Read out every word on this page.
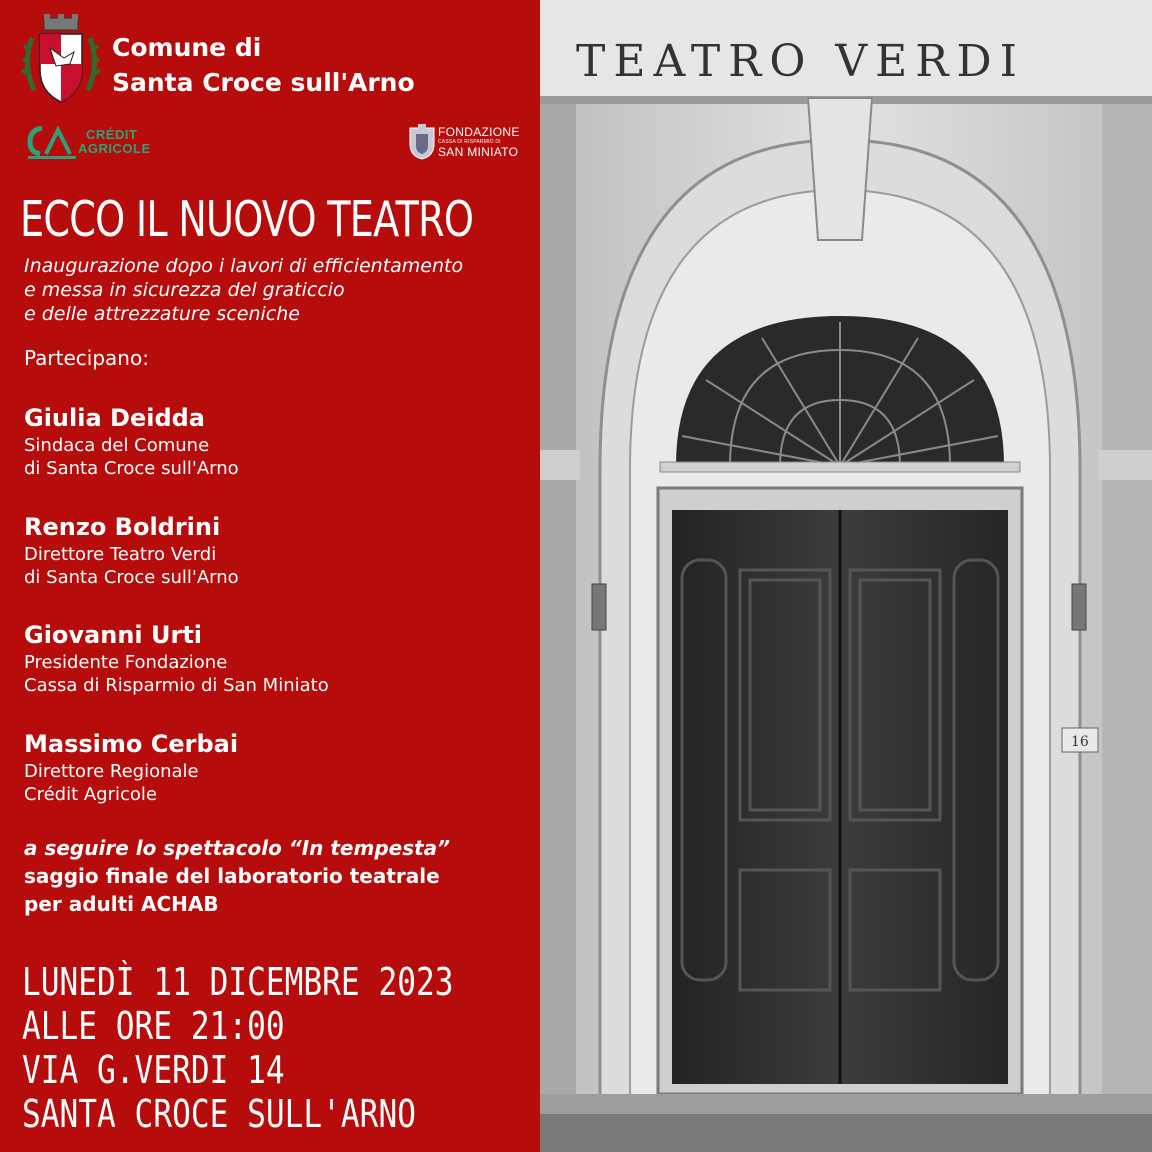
Comune di
Santa Croce sull'Arno
CRÉDIT
AGRICOLE
FONDAZIONE
CASSA DI RISPARMIO DI
SAN MINIATO
ECCO IL NUOVO TEATRO
Inaugurazione dopo i lavori di efficientamento
e messa in sicurezza del graticcio
e delle attrezzature sceniche
Partecipano:
Giulia Deidda
Sindaca del Comune
di Santa Croce sull'Arno
Renzo Boldrini
Direttore Teatro Verdi
di Santa Croce sull'Arno
Giovanni Urti
Presidente Fondazione
Cassa di Risparmio di San Miniato
Massimo Cerbai
Direttore Regionale
Crédit Agricole
a seguire lo spettacolo “In tempesta”
saggio finale del laboratorio teatrale
per adulti ACHAB
LUNEDÌ 11 DICEMBRE 2023
ALLE ORE 21:00
VIA G.VERDI 14
SANTA CROCE SULL'ARNO
TEATRO VERDI
16
